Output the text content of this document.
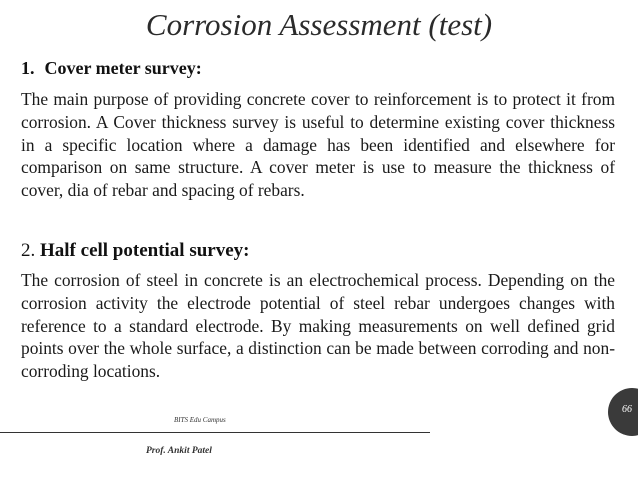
Corrosion Assessment (test)
1. Cover meter survey:
The main purpose of providing concrete cover to reinforcement is to protect it from corrosion. A Cover thickness survey is useful to determine existing cover thickness in a specific location where a damage has been identified and elsewhere for comparison on same structure. A cover meter is use to measure the thickness of cover, dia of rebar and spacing of rebars.
2. Half cell potential survey:
The corrosion of steel in concrete is an electrochemical process. Depending on the corrosion activity the electrode potential of steel rebar undergoes changes with reference to a standard electrode. By making measurements on well defined grid points over the whole surface, a distinction can be made between corroding and non-corroding locations.
66
BITS Edu Campus
Prof. Ankit Patel
